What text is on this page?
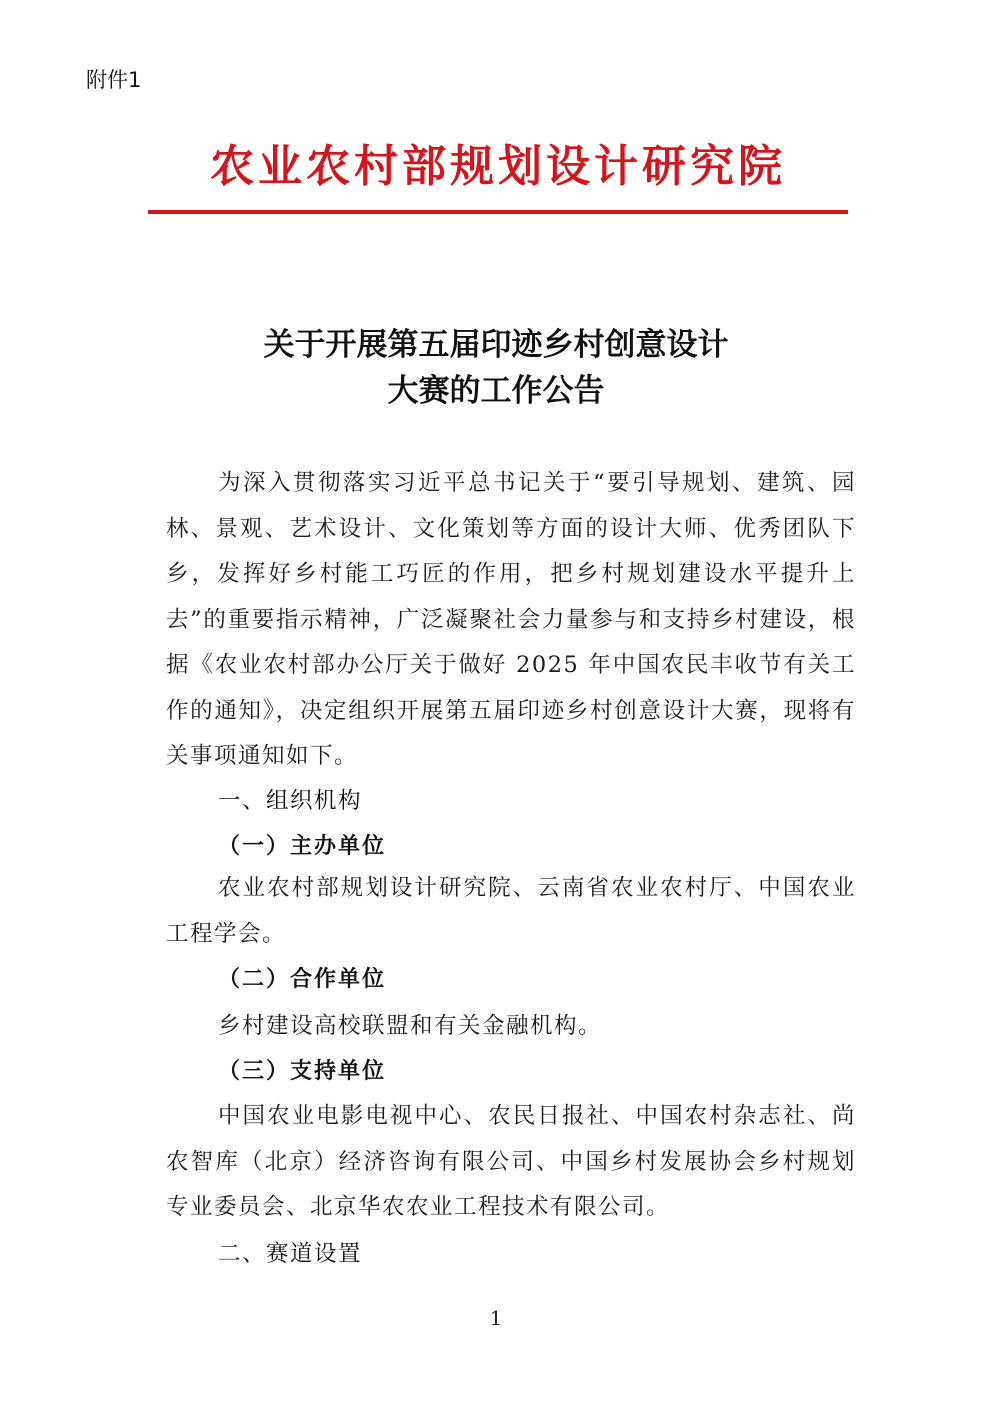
附件1
农业农村部规划设计研究院
关于开展第五届印迹乡村创意设计
大赛的工作公告
为深入贯彻落实习近平总书记关于“要引导规划、建筑、园林、景观、艺术设计、文化策划等方面的设计大师、优秀团队下乡，发挥好乡村能工巧匠的作用，把乡村规划建设水平提升上去”的重要指示精神，广泛凝聚社会力量参与和支持乡村建设，根据《农业农村部办公厅关于做好 2025 年中国农民丰收节有关工作的通知》，决定组织开展第五届印迹乡村创意设计大赛，现将有关事项通知如下。
一、组织机构
（一）主办单位
农业农村部规划设计研究院、云南省农业农村厅、中国农业工程学会。
（二）合作单位
乡村建设高校联盟和有关金融机构。
（三）支持单位
中国农业电影电视中心、农民日报社、中国农村杂志社、尚农智库（北京）经济咨询有限公司、中国乡村发展协会乡村规划专业委员会、北京华农农业工程技术有限公司。
二、赛道设置
1
